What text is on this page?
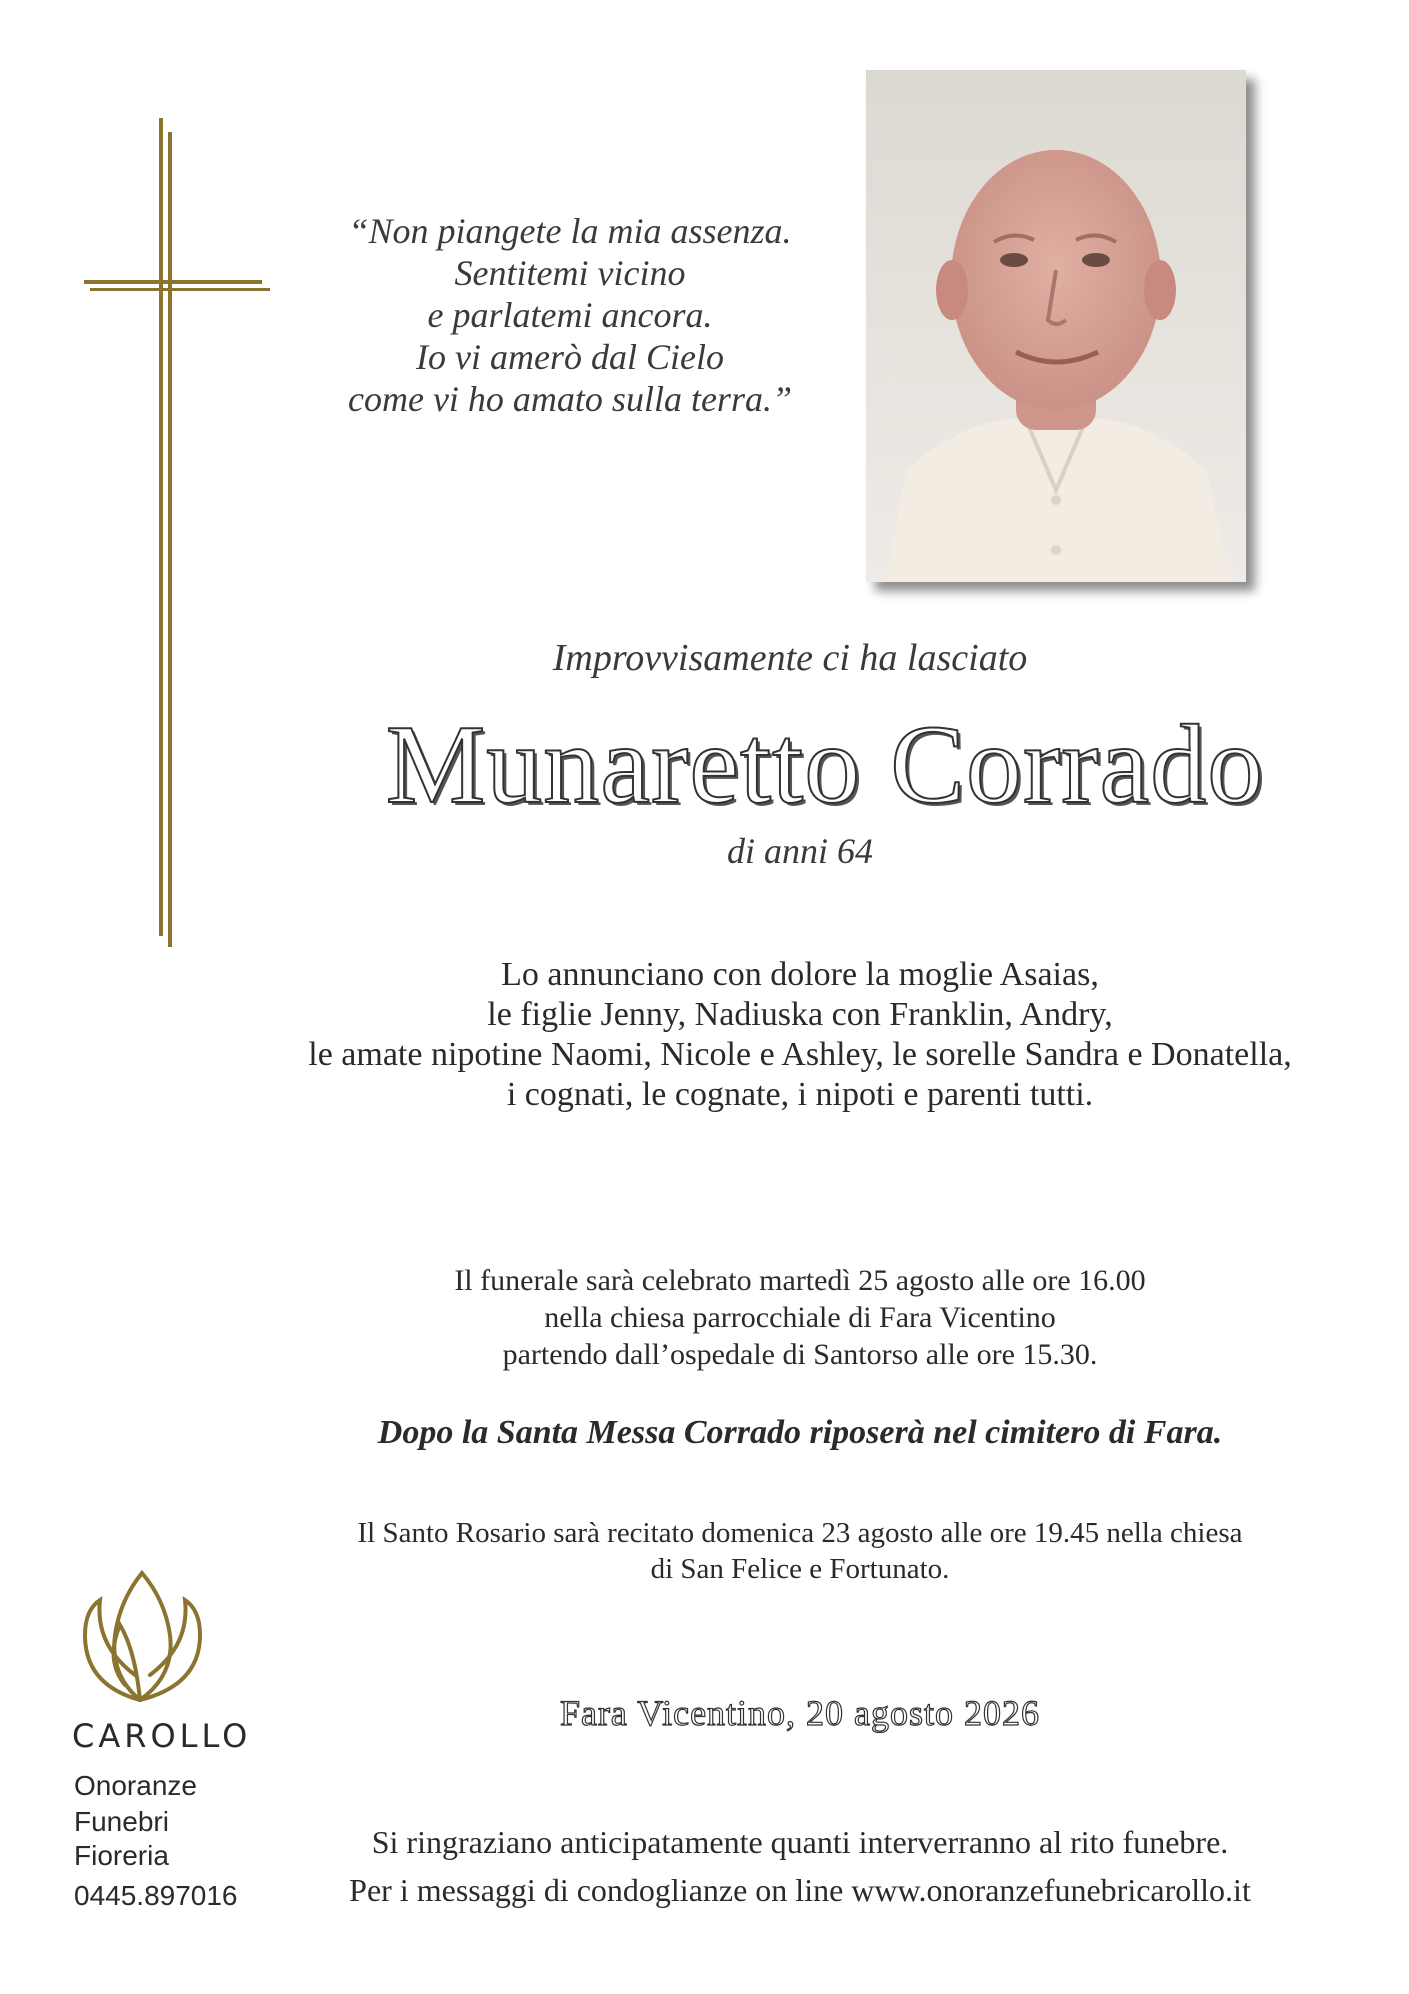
“Non piangete la mia assenza.
Sentitemi vicino
e parlatemi ancora.
Io vi amerò dal Cielo
come vi ho amato sulla terra.”
Improvvisamente ci ha lasciato
Munaretto Corrado
di anni 64
Lo annunciano con dolore la moglie Asaias,
le figlie Jenny, Nadiuska con Franklin, Andry,
le amate nipotine Naomi, Nicole e Ashley, le sorelle Sandra e Donatella,
i cognati, le cognate, i nipoti e parenti tutti.
Il funerale sarà celebrato martedì 25 agosto alle ore 16.00
nella chiesa parrocchiale di Fara Vicentino
partendo dall’ospedale di Santorso alle ore 15.30.
Dopo la Santa Messa Corrado riposerà nel cimitero di Fara.
Il Santo Rosario sarà recitato domenica 23 agosto alle ore 19.45 nella chiesa
di San Felice e Fortunato.
Fara Vicentino, 20 agosto 2026
Si ringraziano anticipatamente quanti interverranno al rito funebre.
Per i messaggi di condoglianze on line www.onoranzefunebricarollo.it
CAROLLO
Onoranze
Funebri
Fioreria
0445.897016
